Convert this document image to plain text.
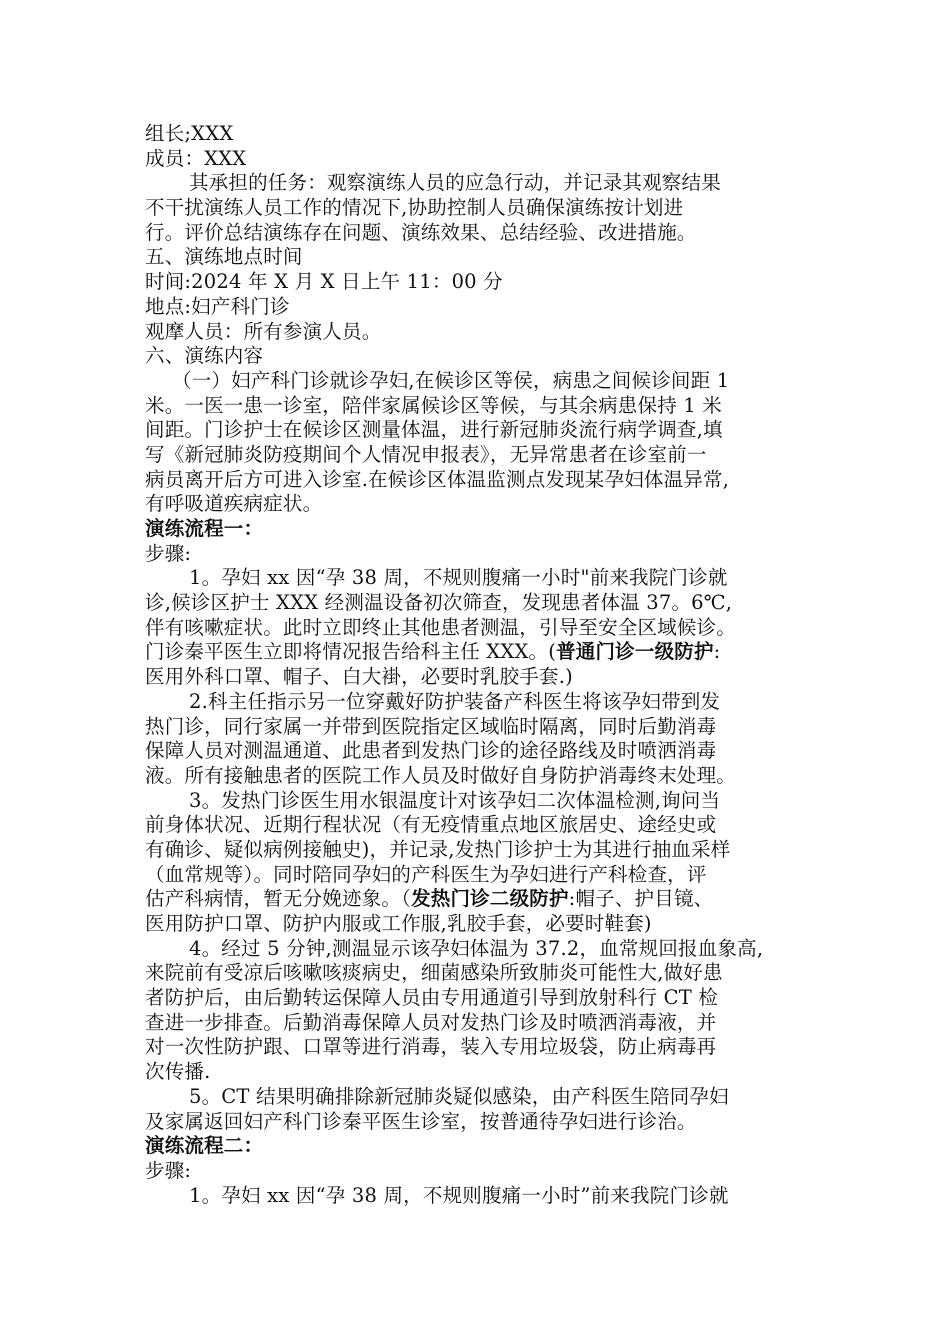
组长;XXX
成员：XXX
其承担的任务：观察演练人员的应急行动，并记录其观察结果
不干扰演练人员工作的情况下,协助控制人员确保演练按计划进
行。评价总结演练存在问题、演练效果、总结经验、改进措施。
五、演练地点时间
时间:2024 年 X 月 X 日上午 11：00 分
地点:妇产科门诊
观摩人员：所有参演人员。
六、演练内容
（一）妇产科门诊就诊孕妇,在候诊区等侯，病患之间候诊间距 1
米。一医一患一诊室，陪伴家属候诊区等候，与其余病患保持 1 米
间距。门诊护士在候诊区测量体温，进行新冠肺炎流行病学调查,填
写《新冠肺炎防疫期间个人情况申报表》，无异常患者在诊室前一
病员离开后方可进入诊室.在候诊区体温监测点发现某孕妇体温异常,
有呼吸道疾病症状。
演练流程一：
步骤:
1。孕妇 xx 因“孕 38 周，不规则腹痛一小时"前来我院门诊就
诊,候诊区护士 XXX 经测温设备初次筛查，发现患者体温 37。6℃,
伴有咳嗽症状。此时立即终止其他患者测温，引导至安全区域候诊。
门诊秦平医生立即将情况报告给科主任 XXX。(普通门诊一级防护:
医用外科口罩、帽子、白大褂，必要时乳胶手套.)
2.科主任指示另一位穿戴好防护装备产科医生将该孕妇带到发
热门诊，同行家属一并带到医院指定区域临时隔离，同时后勤消毒
保障人员对测温通道、此患者到发热门诊的途径路线及时喷洒消毒
液。所有接触患者的医院工作人员及时做好自身防护消毒终末处理。
3。发热门诊医生用水银温度计对该孕妇二次体温检测,询问当
前身体状况、近期行程状况（有无疫情重点地区旅居史、途经史或
有确诊、疑似病例接触史)，并记录,发热门诊护士为其进行抽血采样
（血常规等）。同时陪同孕妇的产科医生为孕妇进行产科检查，评
估产科病情，暂无分娩迹象。（发热门诊二级防护:帽子、护目镜、
医用防护口罩、防护内服或工作服,乳胶手套，必要时鞋套)
4。经过 5 分钟,测温显示该孕妇体温为 37.2，血常规回报血象高,
来院前有受凉后咳嗽咳痰病史，细菌感染所致肺炎可能性大,做好患
者防护后，由后勤转运保障人员由专用通道引导到放射科行 CT 检
查进一步排查。后勤消毒保障人员对发热门诊及时喷洒消毒液，并
对一次性防护跟、口罩等进行消毒，装入专用垃圾袋，防止病毒再
次传播.
5。CT 结果明确排除新冠肺炎疑似感染，由产科医生陪同孕妇
及家属返回妇产科门诊秦平医生诊室，按普通待孕妇进行诊治。
演练流程二：
步骤:
1。孕妇 xx 因“孕 38 周，不规则腹痛一小时”前来我院门诊就
